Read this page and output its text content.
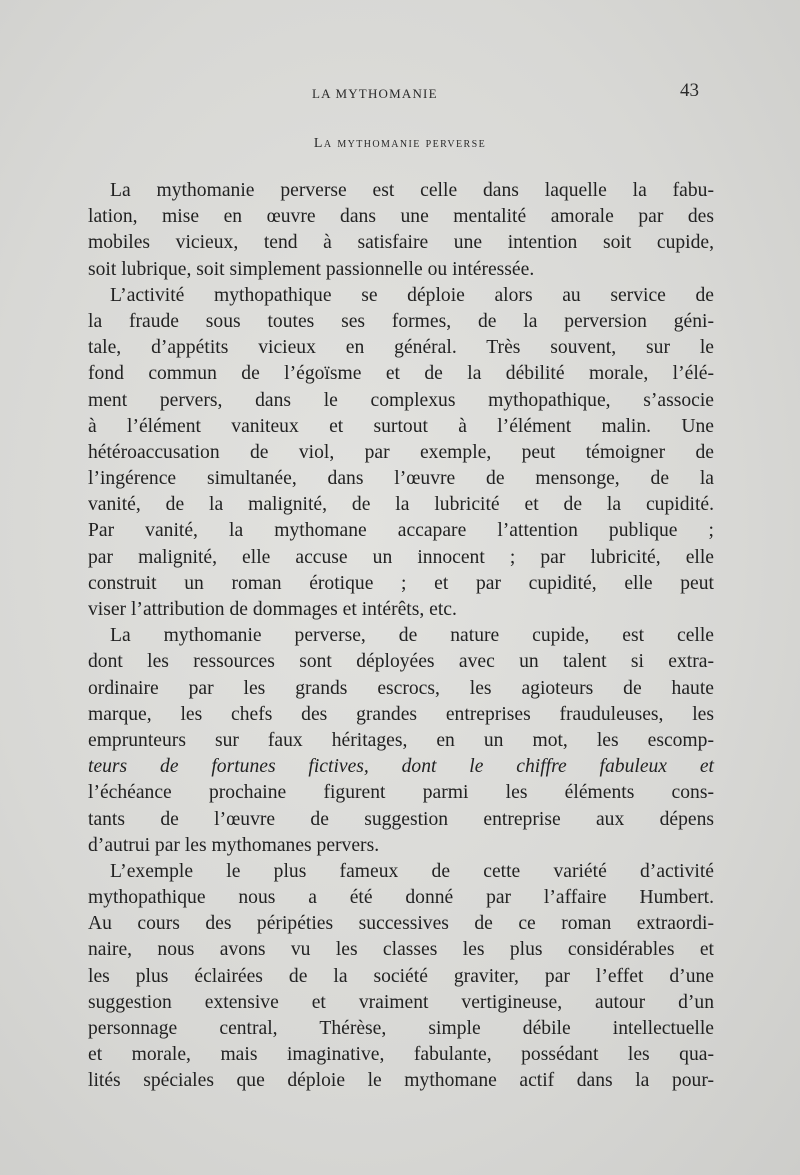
LA MYTHOMANIE	43
La mythomanie perverse
La mythomanie perverse est celle dans laquelle la fabu-
lation, mise en œuvre dans une mentalité amorale par des
mobiles vicieux, tend à satisfaire une intention soit cupide,
soit lubrique, soit simplement passionnelle ou intéressée.
L’activité mythopathique se déploie alors au service de
la fraude sous toutes ses formes, de la perversion géni-
tale, d’appétits vicieux en général. Très souvent, sur le
fond commun de l’égoïsme et de la débilité morale, l’élé-
ment pervers, dans le complexus mythopathique, s’associe
à l’élément vaniteux et surtout à l’élément malin. Une
hétéroaccusation de viol, par exemple, peut témoigner de
l’ingérence simultanée, dans l’œuvre de mensonge, de la
vanité, de la malignité, de la lubricité et de la cupidité.
Par vanité, la mythomane accapare l’attention publique ;
par malignité, elle accuse un innocent ; par lubricité, elle
construit un roman érotique ; et par cupidité, elle peut
viser l’attribution de dommages et intérêts, etc.
La mythomanie perverse, de nature cupide, est celle
dont les ressources sont déployées avec un talent si extra-
ordinaire par les grands escrocs, les agioteurs de haute
marque, les chefs des grandes entreprises frauduleuses, les
emprunteurs sur faux héritages, en un mot, les escomp-
teurs de fortunes fictives, dont le chiffre fabuleux et
l’échéance prochaine figurent parmi les éléments cons-
tants de l’œuvre de suggestion entreprise aux dépens
d’autrui par les mythomanes pervers.
L’exemple le plus fameux de cette variété d’activité
mythopathique nous a été donné par l’affaire Humbert.
Au cours des péripéties successives de ce roman extraordi-
naire, nous avons vu les classes les plus considérables et
les plus éclairées de la société graviter, par l’effet d’une
suggestion extensive et vraiment vertigineuse, autour d’un
personnage central, Thérèse, simple débile intellectuelle
et morale, mais imaginative, fabulante, possédant les qua-
lités spéciales que déploie le mythomane actif dans la pour-
